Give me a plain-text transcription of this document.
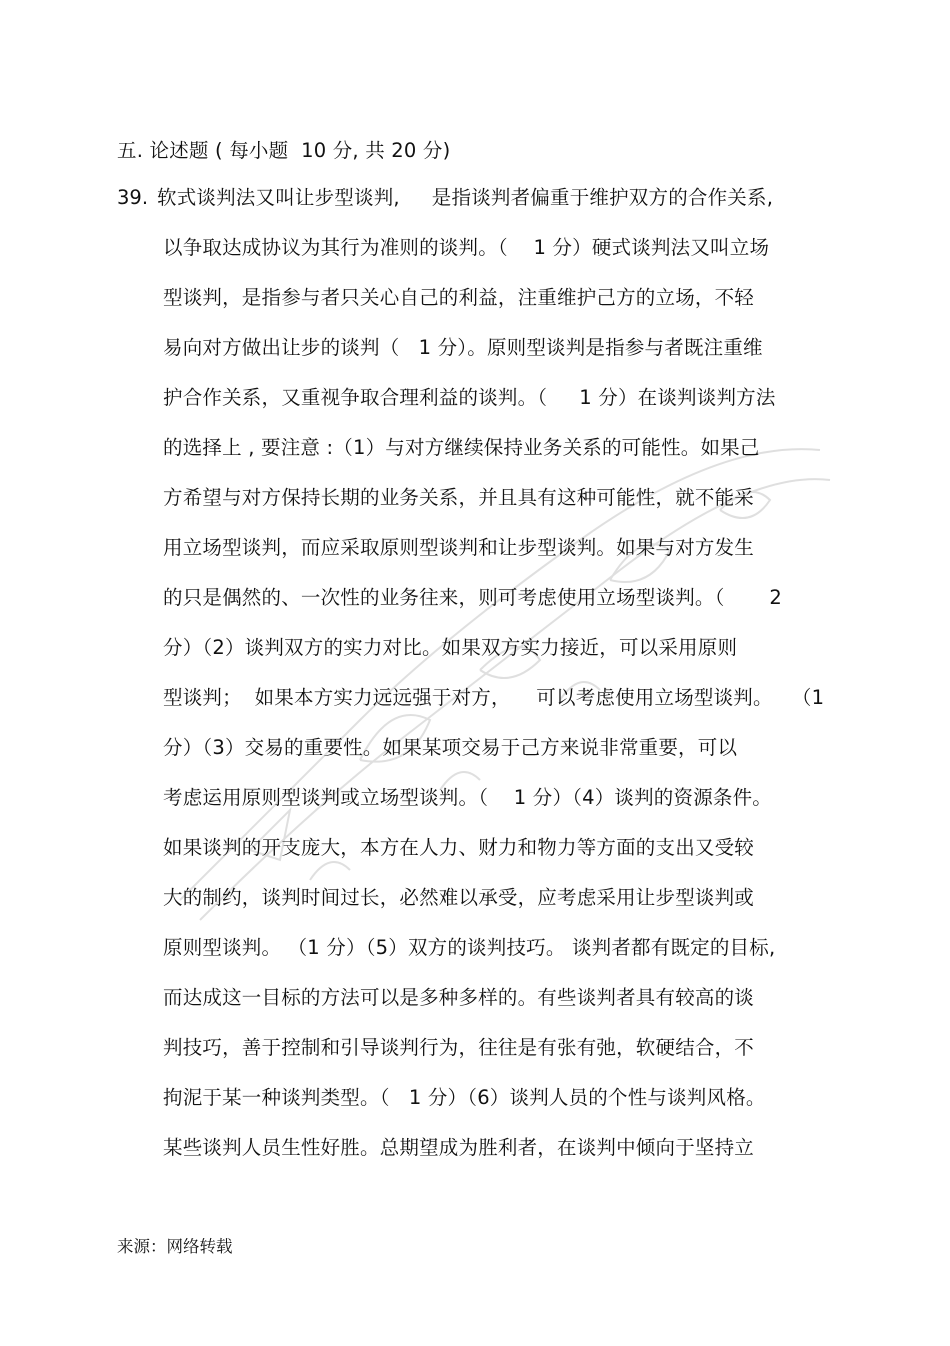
五. 论述题 ( 每小题  10 分, 共 20 分)
39. 软式谈判法又叫让步型谈判,     是指谈判者偏重于维护双方的合作关系,
以争取达成协议为其行为准则的谈判。（    1 分）硬式谈判法又叫立场
型谈判，是指参与者只关心自己的利益，注重维护己方的立场，不轻
易向对方做出让步的谈判（   1 分）。原则型谈判是指参与者既注重维
护合作关系，又重视争取合理利益的谈判。（     1 分）在谈判谈判方法
的选择上 , 要注意 :（1）与对方继续保持业务关系的可能性。如果己
方希望与对方保持长期的业务关系，并且具有这种可能性，就不能采
用立场型谈判，而应采取原则型谈判和让步型谈判。如果与对方发生
的只是偶然的、一次性的业务往来，则可考虑使用立场型谈判。（       2
分）（2）谈判双方的实力对比。如果双方实力接近，可以采用原则
型谈判；  如果本方实力远远强于对方，    可以考虑使用立场型谈判。   （1
分）（3）交易的重要性。如果某项交易于己方来说非常重要，可以
考虑运用原则型谈判或立场型谈判。（    1 分）（4）谈判的资源条件。
如果谈判的开支庞大，本方在人力、财力和物力等方面的支出又受较
大的制约，谈判时间过长，必然难以承受，应考虑采用让步型谈判或
原则型谈判。 （1 分）（5）双方的谈判技巧。 谈判者都有既定的目标,
而达成这一目标的方法可以是多种多样的。有些谈判者具有较高的谈
判技巧，善于控制和引导谈判行为，往往是有张有弛，软硬结合，不
拘泥于某一种谈判类型。（   1 分）（6）谈判人员的个性与谈判风格。
某些谈判人员生性好胜。总期望成为胜利者，在谈判中倾向于坚持立
来源：网络转载
